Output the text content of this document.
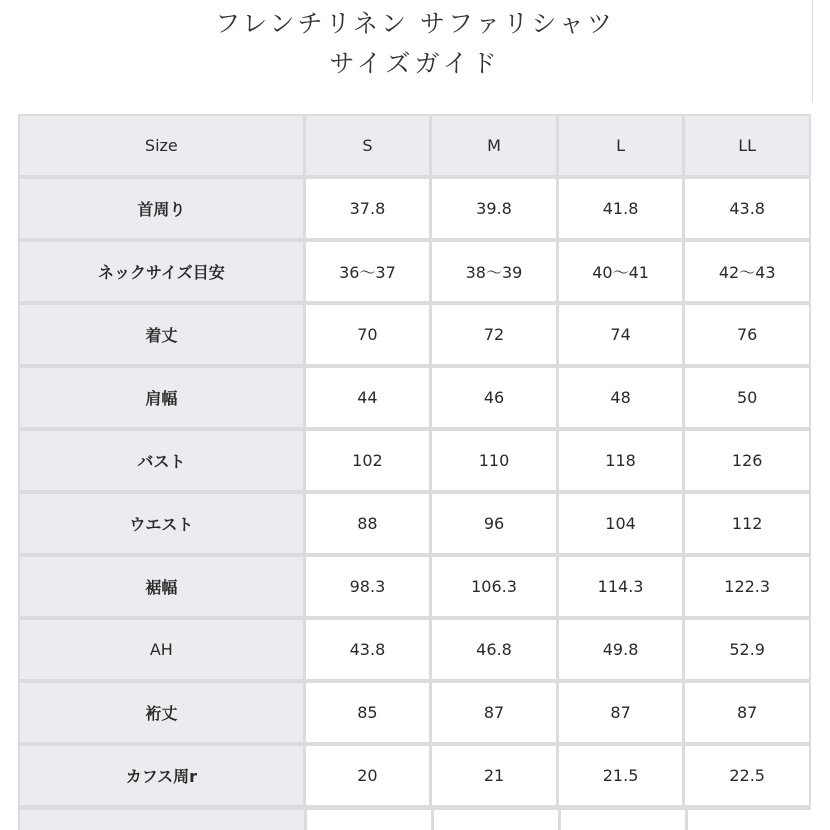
フレンチリネン サファリシャツ
サイズガイド
Size	S	M	L	LL
首周り	37.8	39.8	41.8	43.8
ネックサイズ目安	36〜37	38〜39	40〜41	42〜43
着丈	70	72	74	76
肩幅	44	46	48	50
バスト	102	110	118	126
ウエスト	88	96	104	112
裾幅	98.3	106.3	114.3	122.3
AH	43.8	46.8	49.8	52.9
裄丈	85	87	87	87
カフス周r	20	21	21.5	22.5
